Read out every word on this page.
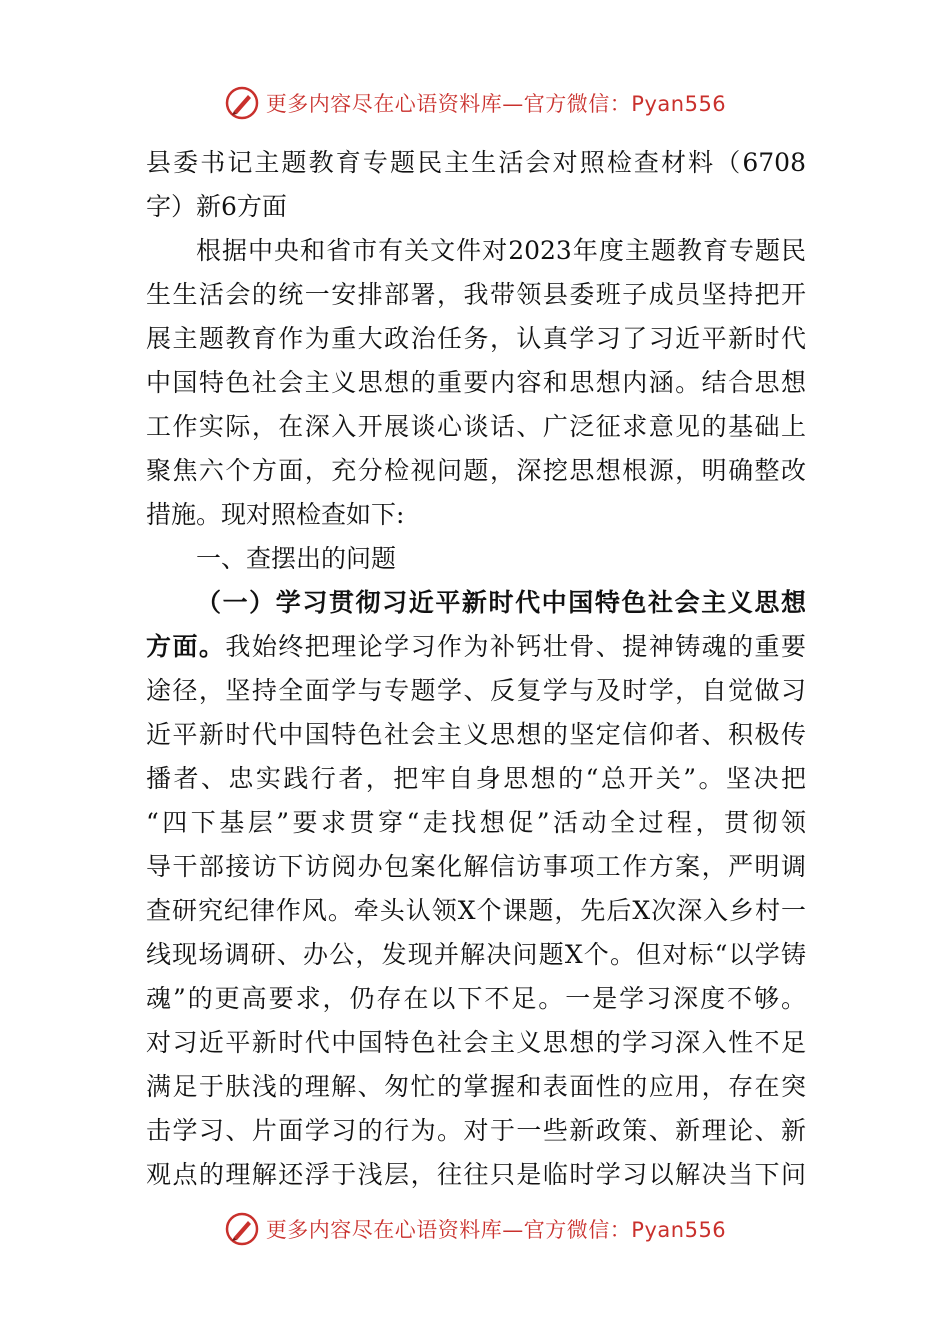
更多内容尽在心语资料库—官方微信：Pyan556
县委书记主题教育专题民主生活会对照检查材料（6708
字）新6方面
根据中央和省市有关文件对2023年度主题教育专题民
生生活会的统一安排部署，我带领县委班子成员坚持把开
展主题教育作为重大政治任务，认真学习了习近平新时代
中国特色社会主义思想的重要内容和思想内涵。结合思想
工作实际，在深入开展谈心谈话、广泛征求意见的基础上
聚焦六个方面，充分检视问题，深挖思想根源，明确整改
措施。现对照检查如下:
一、查摆出的问题
（一）学习贯彻习近平新时代中国特色社会主义思想
方面。我始终把理论学习作为补钙壮骨、提神铸魂的重要
途径，坚持全面学与专题学、反复学与及时学，自觉做习
近平新时代中国特色社会主义思想的坚定信仰者、积极传
播者、忠实践行者，把牢自身思想的“总开关”。坚决把
“四下基层”要求贯穿“走找想促”活动全过程，贯彻领
导干部接访下访阅办包案化解信访事项工作方案，严明调
查研究纪律作风。牵头认领X个课题，先后X次深入乡村一
线现场调研、办公，发现并解决问题X个。但对标“以学铸
魂”的更高要求，仍存在以下不足。一是学习深度不够。
对习近平新时代中国特色社会主义思想的学习深入性不足
满足于肤浅的理解、匆忙的掌握和表面性的应用，存在突
击学习、片面学习的行为。对于一些新政策、新理论、新
观点的理解还浮于浅层，往往只是临时学习以解决当下问
更多内容尽在心语资料库—官方微信：Pyan556
